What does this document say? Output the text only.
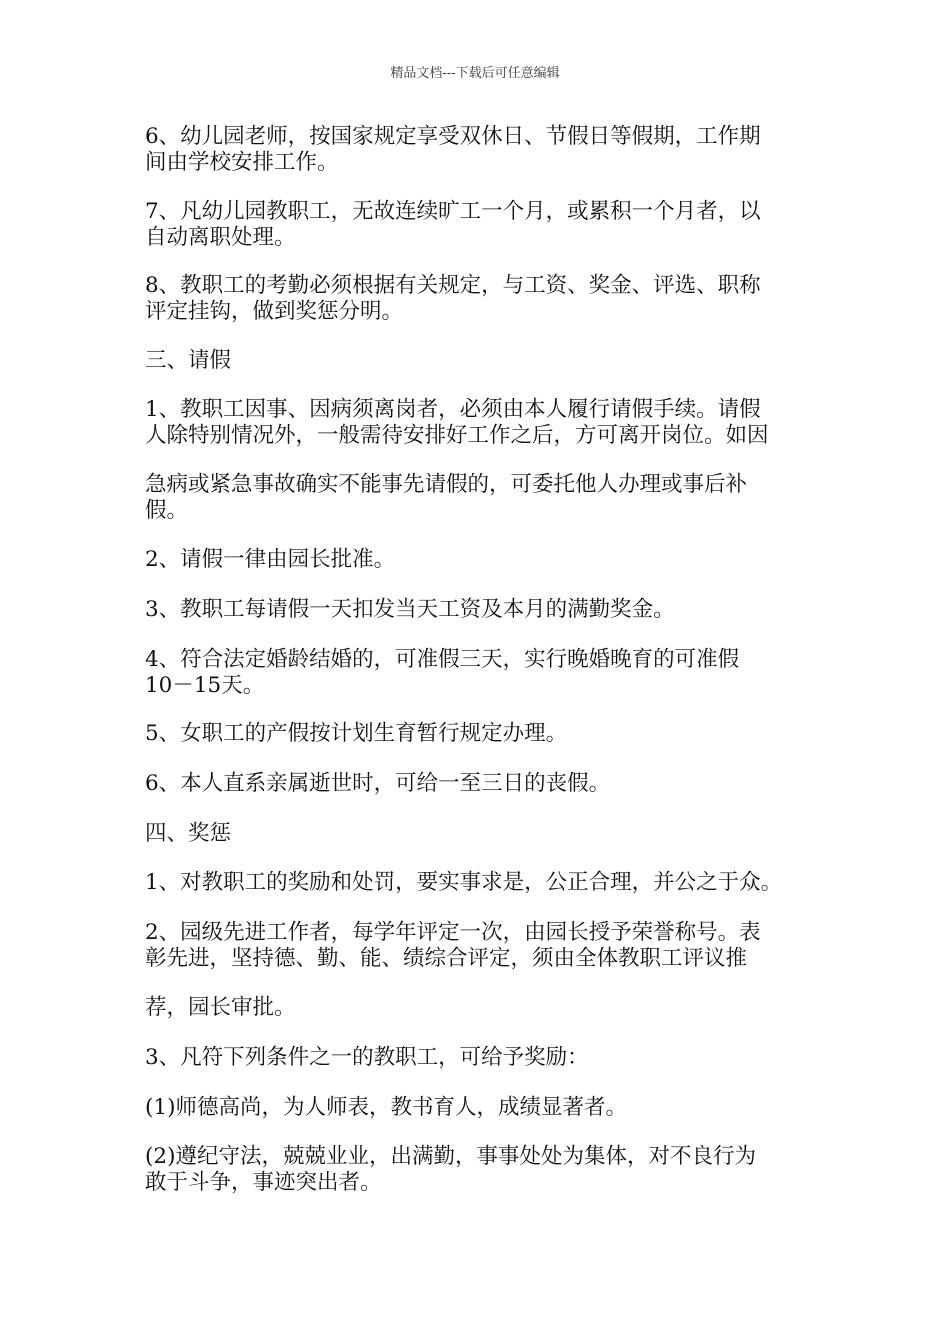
精品文档---下载后可任意编辑
6、幼儿园老师，按国家规定享受双休日、节假日等假期，工作期
间由学校安排工作。
7、凡幼儿园教职工，无故连续旷工一个月，或累积一个月者，以
自动离职处理。
8、教职工的考勤必须根据有关规定，与工资、奖金、评选、职称
评定挂钩，做到奖惩分明。
三、请假
1、教职工因事、因病须离岗者，必须由本人履行请假手续。请假
人除特别情况外，一般需待安排好工作之后，方可离开岗位。如因
急病或紧急事故确实不能事先请假的，可委托他人办理或事后补
假。
2、请假一律由园长批准。
3、教职工每请假一天扣发当天工资及本月的满勤奖金。
4、符合法定婚龄结婚的，可准假三天，实行晚婚晚育的可准假
10－15天。
5、女职工的产假按计划生育暂行规定办理。
6、本人直系亲属逝世时，可给一至三日的丧假。
四、奖惩
1、对教职工的奖励和处罚，要实事求是，公正合理，并公之于众。
2、园级先进工作者，每学年评定一次，由园长授予荣誉称号。表
彰先进，坚持德、勤、能、绩综合评定，须由全体教职工评议推
荐，园长审批。
3、凡符下列条件之一的教职工，可给予奖励：
(1)师德高尚，为人师表，教书育人，成绩显著者。
(2)遵纪守法，兢兢业业，出满勤，事事处处为集体，对不良行为
敢于斗争，事迹突出者。
